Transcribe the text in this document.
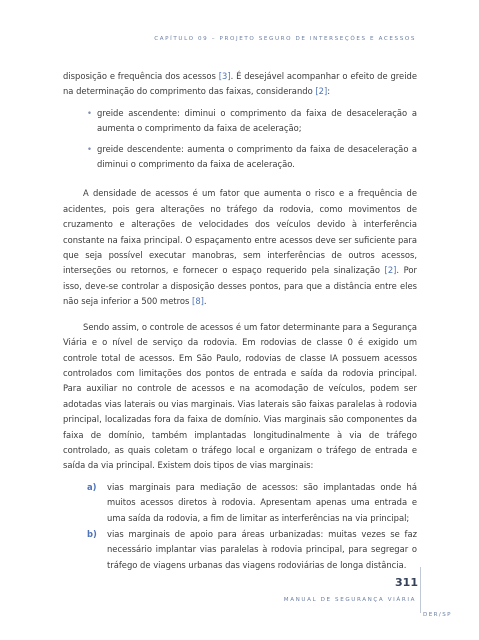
CAPÍTULO 09 – PROJETO SEGURO DE INTERSEÇÕES E ACESSOS

disposição e frequência dos acessos [3]. É desejável acompanhar o efeito de greide na determinação do comprimento das faixas, considerando [2]:

• greide ascendente: diminui o comprimento da faixa de desaceleração a aumenta o comprimento da faixa de aceleração;
• greide descendente: aumenta o comprimento da faixa de desaceleração a diminui o comprimento da faixa de aceleração.

A densidade de acessos é um fator que aumenta o risco e a frequência de acidentes, pois gera alterações no tráfego da rodovia, como movimentos de cruzamento e alterações de velocidades dos veículos devido à interferência constante na faixa principal. O espaçamento entre acessos deve ser suficiente para que seja possível executar manobras, sem interferências de outros acessos, interseções ou retornos, e fornecer o espaço requerido pela sinalização [2]. Por isso, deve-se controlar a disposição desses pontos, para que a distância entre eles não seja inferior a 500 metros [8].

Sendo assim, o controle de acessos é um fator determinante para a Segurança Viária e o nível de serviço da rodovia. Em rodovias de classe 0 é exigido um controle total de acessos. Em São Paulo, rodovias de classe IA possuem acessos controlados com limitações dos pontos de entrada e saída da rodovia principal. Para auxiliar no controle de acessos e na acomodação de veículos, podem ser adotadas vias laterais ou vias marginais. Vias laterais são faixas paralelas à rodovia principal, localizadas fora da faixa de domínio. Vias marginais são componentes da faixa de domínio, também implantadas longitudinalmente à via de tráfego controlado, as quais coletam o tráfego local e organizam o tráfego de entrada e saída da via principal. Existem dois tipos de vias marginais:

a) vias marginais para mediação de acessos: são implantadas onde há muitos acessos diretos à rodovia. Apresentam apenas uma entrada e uma saída da rodovia, a fim de limitar as interferências na via principal;
b) vias marginais de apoio para áreas urbanizadas: muitas vezes se faz necessário implantar vias paralelas à rodovia principal, para segregar o tráfego de viagens urbanas das viagens rodoviárias de longa distância.
311
MANUAL DE SEGURANÇA VIÁRIA
DER/SP
